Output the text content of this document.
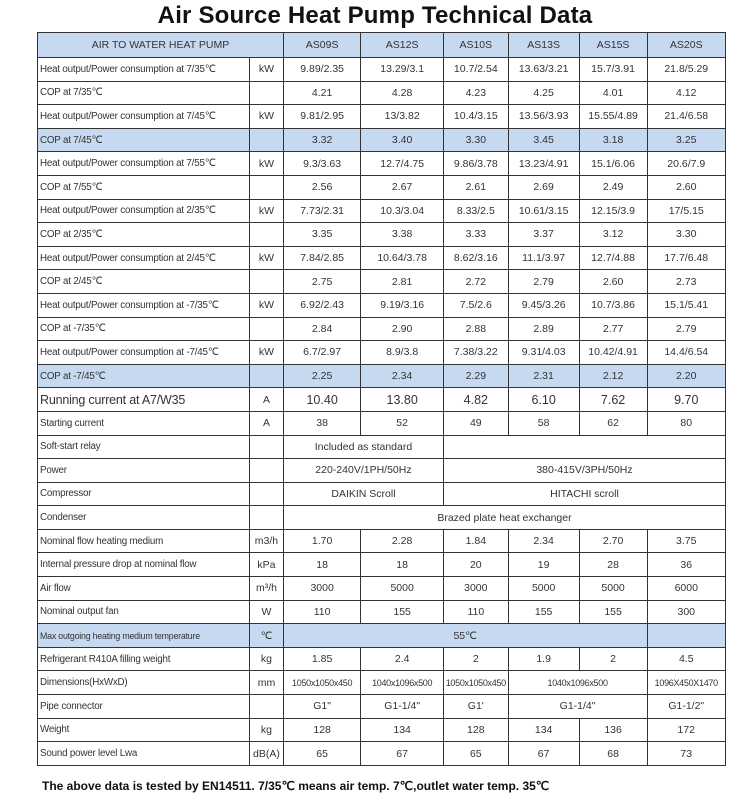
Air Source Heat Pump Technical Data
AIR TO WATER HEAT PUMP		AS09S	AS12S	AS10S	AS13S	AS15S	AS20S
Heat output/Power consumption at 7/35℃	kW	9.89/2.35	13.29/3.1	10.7/2.54	13.63/3.21	15.7/3.91	21.8/5.29
COP at 7/35℃		4.21	4.28	4.23	4.25	4.01	4.12
Heat output/Power consumption at 7/45℃	kW	9.81/2.95	13/3.82	10.4/3.15	13.56/3.93	15.55/4.89	21.4/6.58
COP at 7/45℃		3.32	3.40	3.30	3.45	3.18	3.25
Heat output/Power consumption at 7/55℃	kW	9.3/3.63	12.7/4.75	9.86/3.78	13.23/4.91	15.1/6.06	20.6/7.9
COP at 7/55℃		2.56	2.67	2.61	2.69	2.49	2.60
Heat output/Power consumption at 2/35℃	kW	7.73/2.31	10.3/3.04	8.33/2.5	10.61/3.15	12.15/3.9	17/5.15
COP at 2/35℃		3.35	3.38	3.33	3.37	3.12	3.30
Heat output/Power consumption at 2/45℃	kW	7.84/2.85	10.64/3.78	8.62/3.16	11.1/3.97	12.7/4.88	17.7/6.48
COP at 2/45℃		2.75	2.81	2.72	2.79	2.60	2.73
Heat output/Power consumption at -7/35℃	kW	6.92/2.43	9.19/3.16	7.5/2.6	9.45/3.26	10.7/3.86	15.1/5.41
COP at -7/35℃		2.84	2.90	2.88	2.89	2.77	2.79
Heat output/Power consumption at -7/45℃	kW	6.7/2.97	8.9/3.8	7.38/3.22	9.31/4.03	10.42/4.91	14.4/6.54
COP at -7/45℃		2.25	2.34	2.29	2.31	2.12	2.20
Running current at A7/W35	A	10.40	13.80	4.82	6.10	7.62	9.70
Starting current	A	38	52	49	58	62	80
Soft-start relay		Included as standard					
Power		220-240V/1PH/50Hz		380-415V/3PH/50Hz			
Compressor		DAIKIN Scroll		HITACHI scroll			
Condenser		Brazed plate heat exchanger					
Nominal flow heating medium	m3/h	1.70	2.28	1.84	2.34	2.70	3.75
Internal pressure drop at nominal flow	kPa	18	18	20	19	28	36
Air flow	m³/h	3000	5000	3000	5000	5000	6000
Nominal output fan	W	110	155	110	155	155	300
Max outgoing heating medium temperature	℃	55℃					
Refrigerant R410A filling weight	kg	1.85	2.4	2	1.9	2	4.5
Dimensions(HxWxD)	mm	1050x1050x450	1040x1096x500	1050x1050x450	1040x1096x500		1096X450X1470
Pipe connector		G1"	G1-1/4"	G1'	G1-1/4"		G1-1/2"
Weight	kg	128	134	128	134	136	172
Sound power level Lwa	dB(A)	65	67	65	67	68	73
The above data is tested by EN14511. 7/35℃ means air temp. 7℃,outlet water temp. 35℃
